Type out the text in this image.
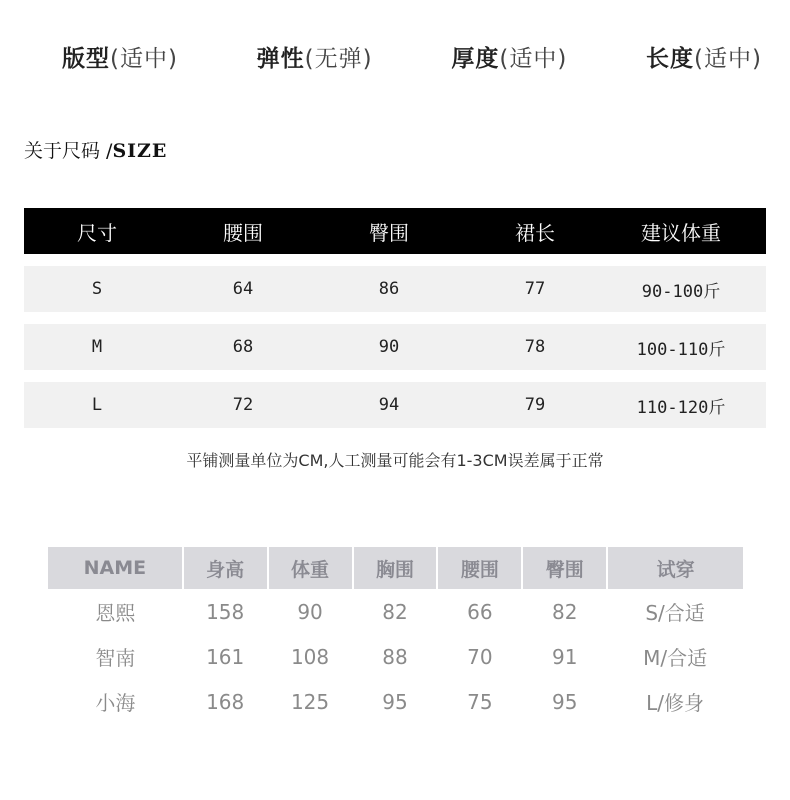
版型(适中)	弹性(无弹)	厚度(适中)	长度(适中)
关于尺码 /SIZE
尺寸	腰围	臀围	裙长	建议体重
S	64	86	77	90-100斤
M	68	90	78	100-110斤
L	72	94	79	110-120斤
平铺测量单位为CM,人工测量可能会有1-3CM误差属于正常
NAME	身高	体重	胸围	腰围	臀围	试穿
恩熙	158	90	82	66	82	S/合适
智南	161	108	88	70	91	M/合适
小海	168	125	95	75	95	L/修身
